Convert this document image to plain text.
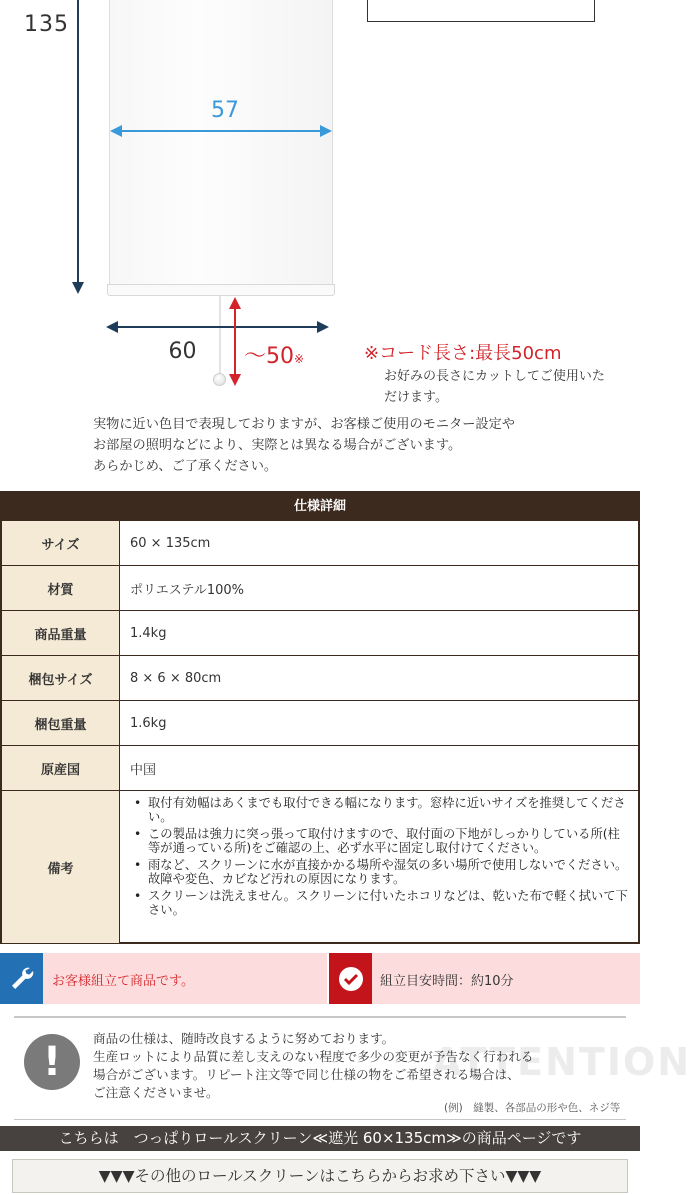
135
57
60	〜50※	※コード長さ:最長50cm
お好みの長さにカットしてご使用いただけます。
実物に近い色目で表現しておりますが、お客様ご使用のモニター設定や
お部屋の照明などにより、実際とは異なる場合がございます。
あらかじめ、ご了承ください。
仕様詳細
サイズ	60 × 135cm
材質	ポリエステル100%
商品重量	1.4kg
梱包サイズ	8 × 6 × 80cm
梱包重量	1.6kg
原産国	中国
備考
• 取付有効幅はあくまでも取付できる幅になります。窓枠に近いサイズを推奨してください。
• この製品は強力に突っ張って取付けますので、取付面の下地がしっかりしている所(柱等が通っている所)をご確認の上、必ず水平に固定し取付けてください。
• 雨など、スクリーンに水が直接かかる場所や湿気の多い場所で使用しないでください。故障や変色、カビなど汚れの原因になります。
• スクリーンは洗えません。スクリーンに付いたホコリなどは、乾いた布で軽く拭いて下さい。
お客様組立て商品です。	組立目安時間：約10分
ATTENTION
!
商品の仕様は、随時改良するように努めております。
生産ロットにより品質に差し支えのない程度で多少の変更が予告なく行われる
場合がございます。リピート注文等で同じ仕様の物をご希望される場合は、
ご注意くださいませ。
(例)　縫製、各部品の形や色、ネジ等
こちらは　つっぱりロールスクリーン≪遮光 60×135cm≫の商品ページです
▼▼▼その他のロールスクリーンはこちらからお求め下さい▼▼▼
